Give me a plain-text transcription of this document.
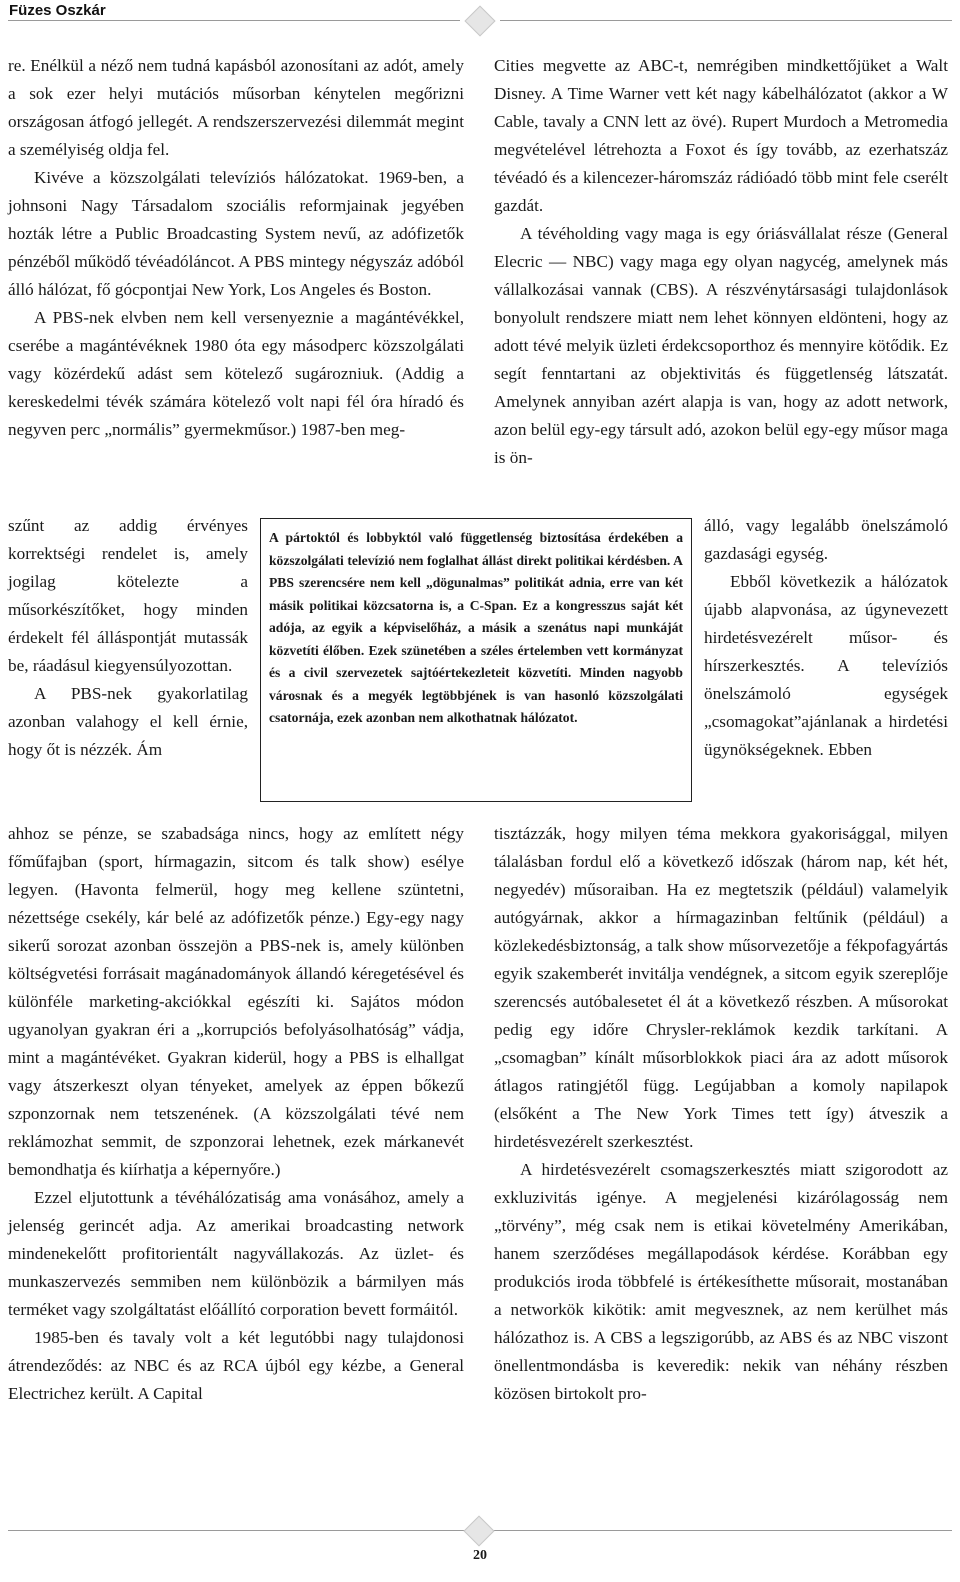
Füzes Oszkár

re. Enélkül a néző nem tudná kapásból azonosítani az adót, amely a sok ezer helyi mutációs műsorban kénytelen megőrizni országosan átfogó jellegét. A rendszerszervezési dilemmát megint a személyiség oldja fel.

Kivéve a közszolgálati televíziós hálózatokat. 1969-ben, a johnsoni Nagy Társadalom szociális reformjainak jegyében hozták létre a Public Broadcasting System nevű, az adófizetők pénzéből működő tévéadóláncot. A PBS mintegy négyszáz adóból álló hálózat, fő gócpontjai New York, Los Angeles és Boston.

A PBS-nek elvben nem kell versenyeznie a magántévékkel, cserébe a magántévéknek 1980 óta egy másodperc közszolgálati vagy közérdekű adást sem kötelező sugározniuk. (Addig a kereskedelmi tévék számára kötelező volt napi fél óra híradó és negyven perc „normális” gyermekműsor.) 1987-ben meg-

szűnt az addig érvényes korrektségi rendelet is, amely jogilag kötelezte a műsorkészítőket, hogy minden érdekelt fél álláspontját mutassák be, ráadásul kiegyensúlyozottan.

A PBS-nek gyakorlatilag azonban valahogy el kell érnie, hogy őt is nézzék. Ám

A pártoktól és lobbyktól való függetlenség biztosítása érdekében a közszolgálati televízió nem foglalhat állást direkt politikai kérdésben. A PBS szerencsére nem kell „dögunalmas” politikát adnia, erre van két másik politikai közcsatorna is, a C-Span. Ez a kongresszus saját két adója, az egyik a képviselőház, a másik a szenátus napi munkáját közvetíti élőben. Ezek szünetében a széles értelemben vett kormányzat és a civil szervezetek sajtóértekezleteit közvetíti. Minden nagyobb városnak és a megyék legtöbbjének is van hasonló közszolgálati csatornája, ezek azonban nem alkothatnak hálózatot.

Cities megvette az ABC-t, nemrégiben mindkettőjüket a Walt Disney. A Time Warner vett két nagy kábelhálózatot (akkor a W Cable, tavaly a CNN lett az övé). Rupert Murdoch a Metromedia megvételével létrehozta a Foxot és így tovább, az ezerhatszáz tévéadó és a kilencezer-háromszáz rádióadó több mint fele cserélt gazdát.

A tévéholding vagy maga is egy óriásvállalat része (General Elecric — NBC) vagy maga egy olyan nagycég, amelynek más vállalkozásai vannak (CBS). A részvénytársasági tulajdonlások bonyolult rendszere miatt nem lehet könnyen eldönteni, hogy az adott tévé melyik üzleti érdekcsoporthoz és mennyire kötődik. Ez segít fenntartani az objektivitás és függetlenség látszatát. Amelynek annyiban azért alapja is van, hogy az adott network, azon belül egy-egy társult adó, azokon belül egy-egy műsor maga is ön-

álló, vagy legalább önelszámoló gazdasági egység.

Ebből következik a hálózatok újabb alapvonása, az úgynevezett hirdetésvezérelt műsor- és hírszerkesztés. A televíziós önelszámoló egységek „csomagokat”ajánlanak a hirdetési ügynökségeknek. Ebben

ahhoz se pénze, se szabadsága nincs, hogy az említett négy főműfajban (sport, hírmagazin, sitcom és talk show) esélye legyen. (Havonta felmerül, hogy meg kellene szüntetni, nézettsége csekély, kár belé az adófizetők pénze.) Egy-egy nagy sikerű sorozat azonban összejön a PBS-nek is, amely különben költségvetési forrásait magánadományok állandó kéregetésével és különféle marketing-akciókkal egészíti ki. Sajátos módon ugyanolyan gyakran éri a „korrupciós befolyásolhatóság” vádja, mint a magántévéket. Gyakran kiderül, hogy a PBS is elhallgat vagy átszerkeszt olyan tényeket, amelyek az éppen bőkezű szponzornak nem tetszenének. (A közszolgálati tévé nem reklámozhat semmit, de szponzorai lehetnek, ezek márkanevét bemondhatja és kiírhatja a képernyőre.)

Ezzel eljutottunk a tévéhálózatiság ama vonásához, amely a jelenség gerincét adja. Az amerikai broadcasting network mindenekelőtt profitorientált nagyvállakozás. Az üzlet- és munkaszervezés semmiben nem különbözik a bármilyen más terméket vagy szolgáltatást előállító corporation bevett formáitól.

1985-ben és tavaly volt a két legutóbbi nagy tulajdonosi átrendeződés: az NBC és az RCA újból egy kézbe, a General Electrichez került. A Capital

tisztázzák, hogy milyen téma mekkora gyakorisággal, milyen tálalásban fordul elő a következő időszak (három nap, két hét, negyedév) műsoraiban. Ha ez megtetszik (például) valamelyik autógyárnak, akkor a hírmagazinban feltűnik (például) a közlekedésbiztonság, a talk show műsorvezetője a fékpofagyártás egyik szakemberét invitálja vendégnek, a sitcom egyik szereplője szerencsés autóbalesetet él át a következő részben. A műsorokat pedig egy időre Chrysler-reklámok kezdik tarkítani. A „csomagban” kínált műsorblokkok piaci ára az adott műsorok átlagos ratingjétől függ. Legújabban a komoly napilapok (elsőként a The New York Times tett így) átveszik a hirdetésvezérelt szerkesztést.

A hirdetésvezérelt csomagszerkesztés miatt szigorodott az exkluzivitás igénye. A megjelenési kizárólagosság nem „törvény”, még csak nem is etikai követelmény Amerikában, hanem szerződéses megállapodások kérdése. Korábban egy produkciós iroda többfelé is értékesíthette műsorait, mostanában a networkök kikötik: amit megvesznek, az nem kerülhet más hálózathoz is. A CBS a legszigorúbb, az ABS és az NBC viszont önellentmondásba is keveredik: nekik van néhány részben közösen birtokolt pro-

20
